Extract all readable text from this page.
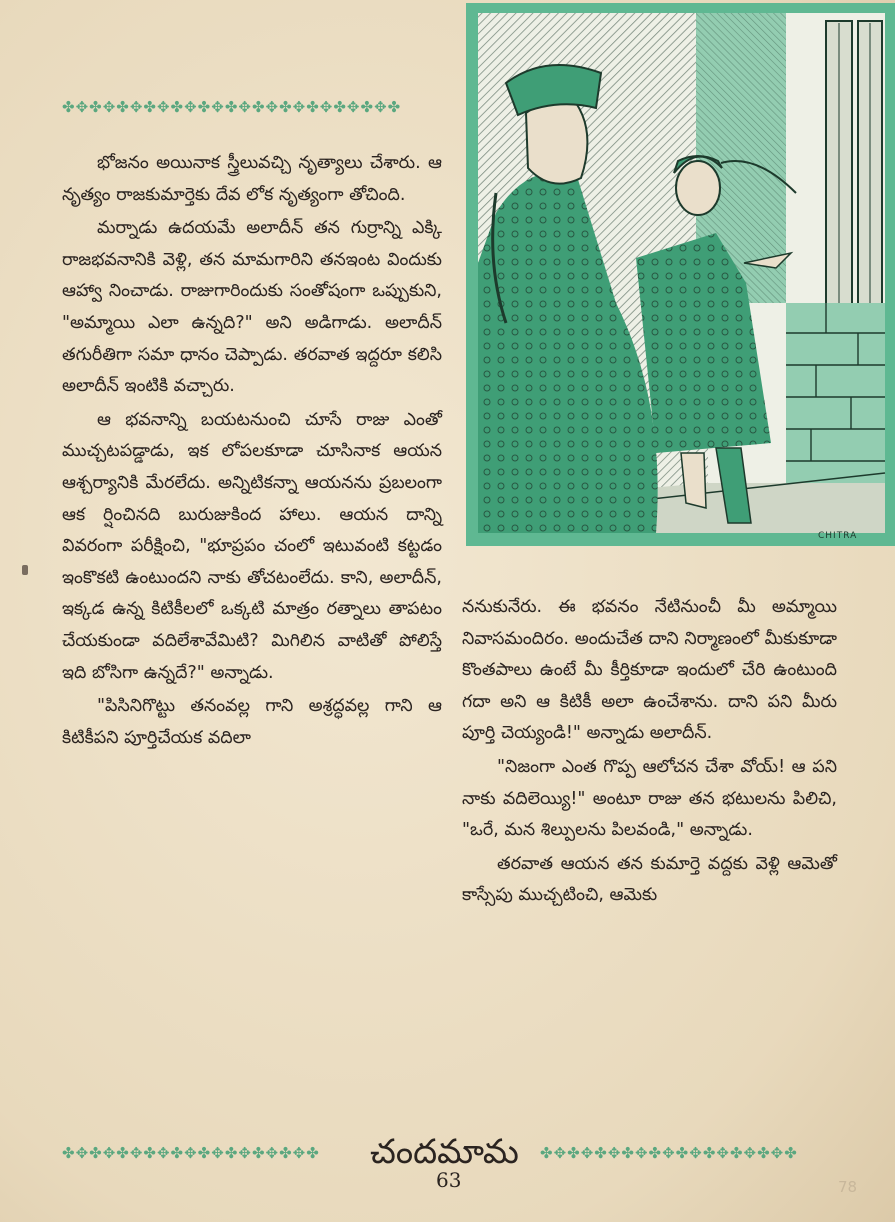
CHITRA
✤✥✤✥✤✥✤✥✤✥✤✥✤✥✤✥✤✥✤✥✤✥✤✥✤

భోజనం అయినాక స్త్రీలువచ్చి నృత్యాలు చేశారు. ఆ నృత్యం రాజకుమార్తెకు దేవ లోక నృత్యంగా తోచింది.

మర్నాడు ఉదయమే అలాదీన్ తన గుర్రాన్ని ఎక్కి రాజభవనానికి వెళ్లి, తన మామగారిని తనఇంట విందుకు ఆహ్వా నించాడు. రాజుగారిందుకు సంతోషంగా ఒప్పుకుని, "అమ్మాయి ఎలా ఉన్నది?" అని అడిగాడు. అలాదీన్ తగురీతిగా సమా ధానం చెప్పాడు. తరవాత ఇద్దరూ కలిసి అలాదీన్ ఇంటికి వచ్చారు.

ఆ భవనాన్ని బయటనుంచి చూసే రాజు ఎంతో ముచ్చటపడ్డాడు, ఇక లోపలకూడా చూసినాక ఆయన ఆశ్చర్యానికి మేరలేదు. అన్నిటికన్నా ఆయనను ప్రబలంగా ఆక ర్షించినది బురుజుకింద హాలు. ఆయన దాన్ని వివరంగా పరీక్షించి, "భూప్రపం చంలో ఇటువంటి కట్టడం ఇంకొకటి ఉంటుందని నాకు తోచటంలేదు. కాని, అలాదీన్, ఇక్కడ ఉన్న కిటికీలలో ఒక్కటి మాత్రం రత్నాలు తాపటం చేయకుండా వదిలేశావేమిటి? మిగిలిన వాటితో పోలిస్తే ఇది బోసిగా ఉన్నదే?" అన్నాడు.

"పిసినిగొట్టు తనంవల్ల గాని అశ్రద్ధవల్ల గాని ఆ కిటికీపని పూర్తిచేయక వదిలా

ననుకునేరు. ఈ భవనం నేటినుంచీ మీ అమ్మాయి నివాసమందిరం. అందుచేత దాని నిర్మాణంలో మీకుకూడా కొంతపాలు ఉంటే మీ కీర్తికూడా ఇందులో చేరి ఉంటుంది గదా అని ఆ కిటికీ అలా ఉంచేశాను. దాని పని మీరు పూర్తి చెయ్యండి!" అన్నాడు అలాదీన్.

"నిజంగా ఎంత గొప్ప ఆలోచన చేశా వోయ్! ఆ పని నాకు వదిలెయ్యి!" అంటూ రాజు తన భటులను పిలిచి, "ఒరే, మన శిల్పులను పిలవండి," అన్నాడు.

తరవాత ఆయన తన కుమార్తె వద్దకు వెళ్లి ఆమెతో కాస్సేపు ముచ్చటించి, ఆమెకు

✤✥✤✥✤✥✤✥✤✥✤✥✤✥✤✥✤✥✤	చందమామ ✤✥✤✥✤✥✤✥✤✥✤✥✤✥✤✥✤✥✤
63	78
